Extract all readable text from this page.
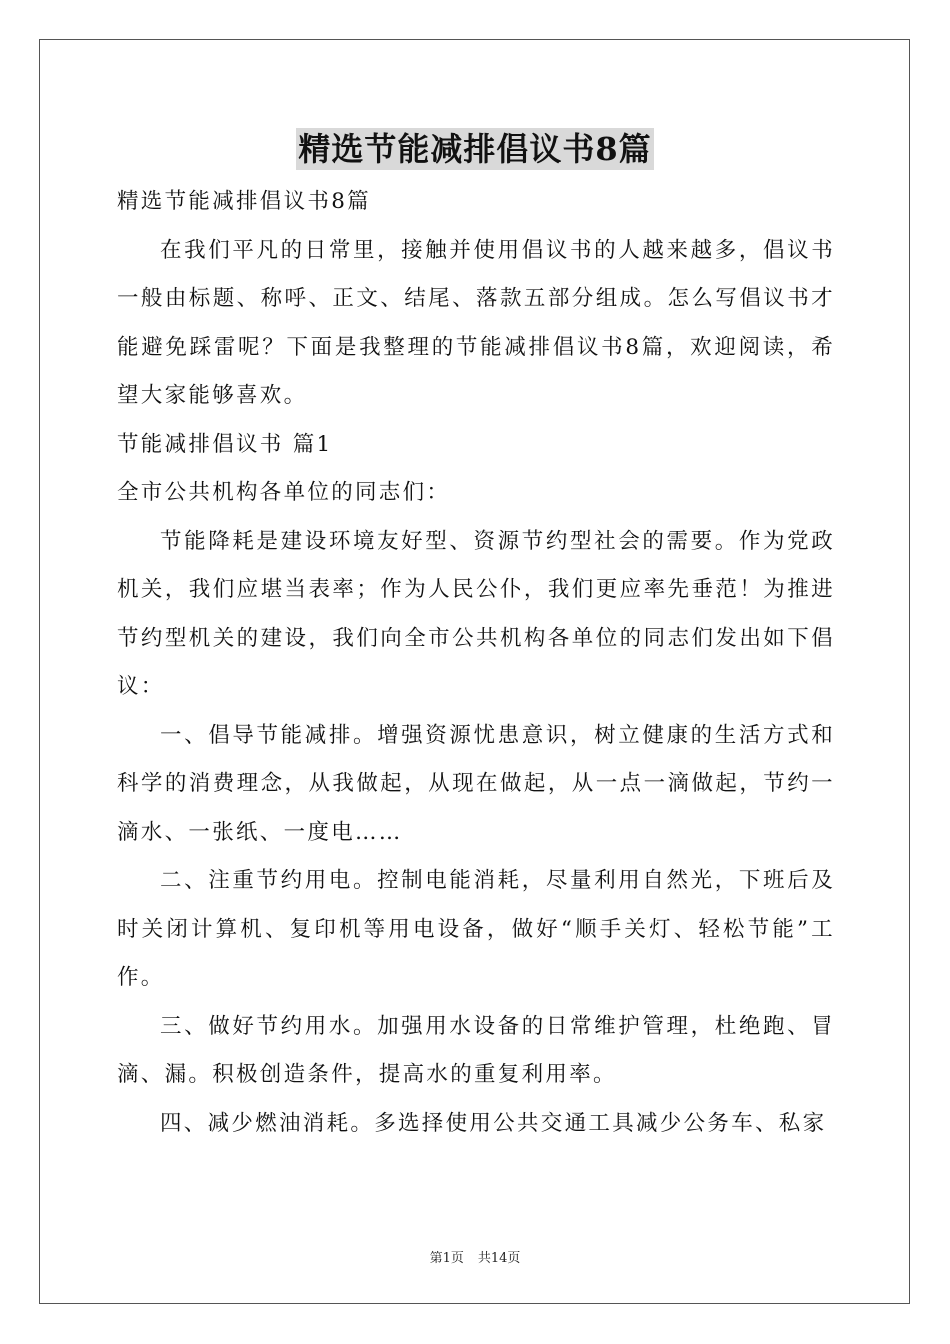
精选节能减排倡议书8篇

精选节能减排倡议书8篇

在我们平凡的日常里，接触并使用倡议书的人越来越多，倡议书一般由标题、称呼、正文、结尾、落款五部分组成。怎么写倡议书才能避免踩雷呢？下面是我整理的节能减排倡议书8篇，欢迎阅读，希望大家能够喜欢。

节能减排倡议书 篇1

全市公共机构各单位的同志们：

节能降耗是建设环境友好型、资源节约型社会的需要。作为党政机关，我们应堪当表率；作为人民公仆，我们更应率先垂范！为推进节约型机关的建设，我们向全市公共机构各单位的同志们发出如下倡议：

一、倡导节能减排。增强资源忧患意识，树立健康的生活方式和科学的消费理念，从我做起，从现在做起，从一点一滴做起，节约一滴水、一张纸、一度电……

二、注重节约用电。控制电能消耗，尽量利用自然光，下班后及时关闭计算机、复印机等用电设备，做好“顺手关灯、轻松节能”工作。

三、做好节约用水。加强用水设备的日常维护管理，杜绝跑、冒滴、漏。积极创造条件，提高水的重复利用率。

四、减少燃油消耗。多选择使用公共交通工具减少公务车、私家

第1页 共14页
